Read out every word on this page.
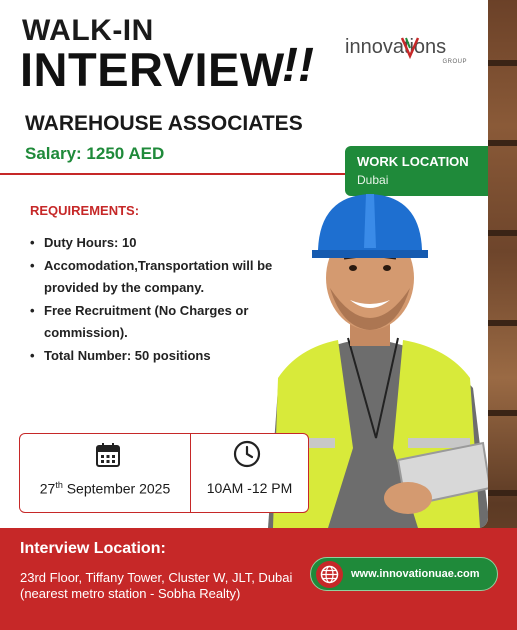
WALK-IN
INTERVIEW
!! innovations
GROUP
WAREHOUSE ASSOCIATES
Salary: 1250 AED	WORK LOCATION
Dubai
REQUIREMENTS:
• Duty Hours: 10
• Accomodation,Transportation will be provided by the company.
• Free Recruitment (No Charges or commission).
• Total Number: 50 positions
27th September 2025	10AM -12 PM
Interview Location:
23rd Floor, Tiffany Tower, Cluster W, JLT, Dubai (nearest metro station - Sobha Realty)
www.innovationuae.com
